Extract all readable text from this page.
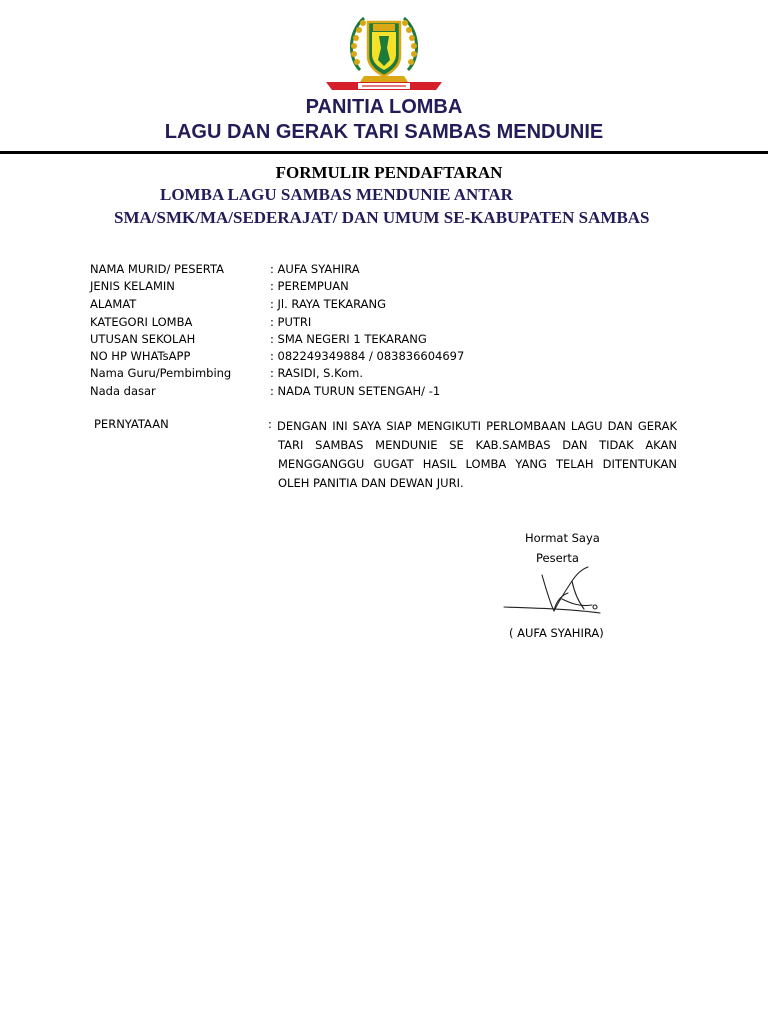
PANITIA LOMBA
LAGU DAN GERAK TARI SAMBAS MENDUNIE
FORMULIR PENDAFTARAN
LOMBA LAGU SAMBAS MENDUNIE ANTAR
SMA/SMK/MA/SEDERAJAT/ DAN UMUM SE-KABUPATEN SAMBAS
NAMA MURID/ PESERTA	: AUFA SYAHIRA
JENIS KELAMIN	: PEREMPUAN
ALAMAT	: Jl. RAYA TEKARANG
KATEGORI LOMBA	: PUTRI
UTUSAN SEKOLAH	: SMA NEGERI 1 TEKARANG
NO HP WHATsAPP	: 082249349884 / 083836604697
Nama Guru/Pembimbing	: RASIDI, S.Kom.
Nada dasar	: NADA TURUN SETENGAH/ -1
PERNYATAAN	: DENGAN INI SAYA SIAP MENGIKUTI PERLOMBAAN LAGU DAN GERAK TARI SAMBAS MENDUNIE SE KAB.SAMBAS DAN TIDAK AKAN MENGGANGGU GUGAT HASIL LOMBA YANG TELAH DITENTUKAN OLEH PANITIA DAN DEWAN JURI.
Hormat Saya
Peserta
( AUFA SYAHIRA)
